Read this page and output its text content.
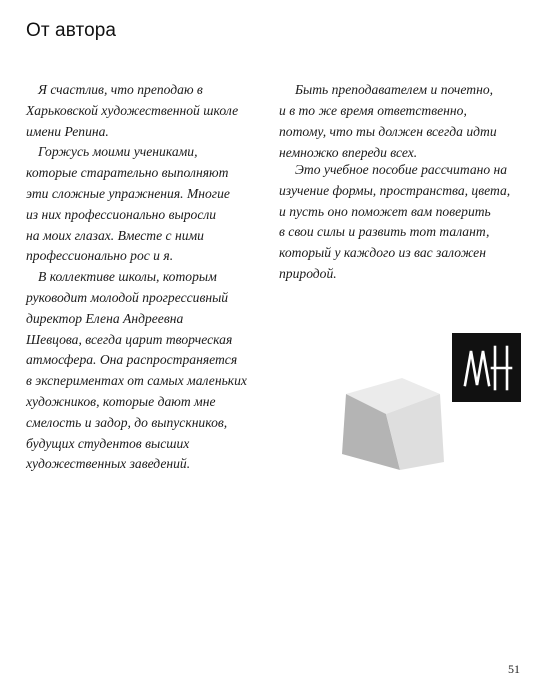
От автора
Я счастлив, что преподаю в
Харьковской художественной школе
имени Репина.
Горжусь моими учениками,
которые старательно выполняют
эти сложные упражнения. Многие
из них профессионально выросли
на моих глазах. Вместе с ними
профессионально рос и я.
В коллективе школы, которым
руководит молодой прогрессивный
директор Елена Андреевна
Шевцова, всегда царит творческая
атмосфера. Она распространяется
в экспериментах от самых маленьких
художников, которые дают мне
смелость и задор, до выпускников,
будущих студентов высших
художественных заведений.
Быть преподавателем и почетно,
и в то же время ответственно,
потому, что ты должен всегда идти
немножко впереди всех.
Это учебное пособие рассчитано на
изучение формы, пространства, цвета,
и пусть оно поможет вам поверить
в свои силы и развить тот талант,
который у каждого из вас заложен
природой.
51
